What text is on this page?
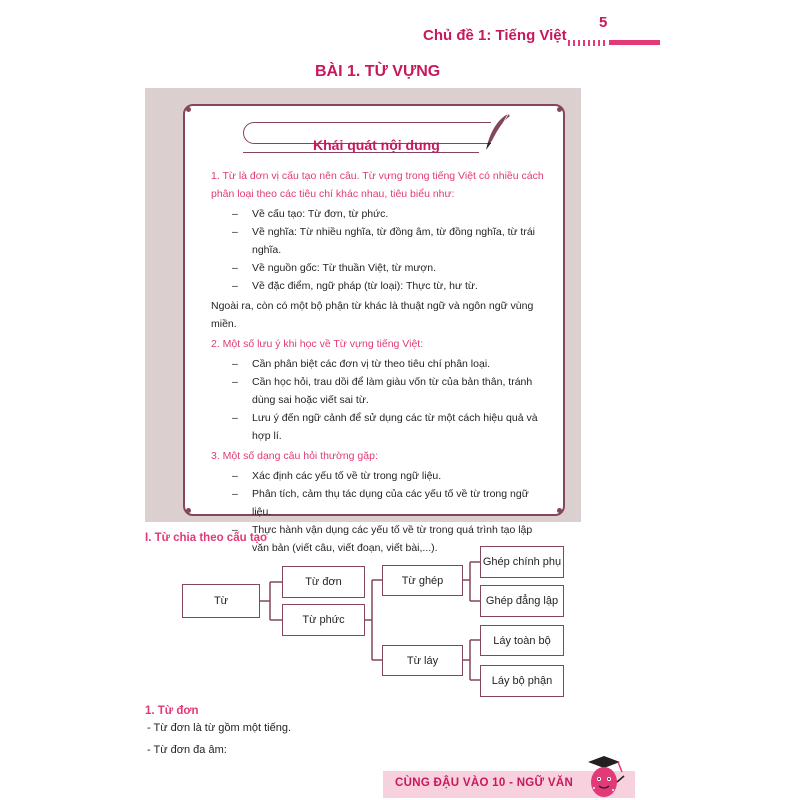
Chủ đề 1: Tiếng Việt
5
BÀI 1. TỪ VỰNG
Khái quát nội dung

1. Từ là đơn vị cấu tạo nên câu. Từ vựng trong tiếng Việt có nhiều cách phân loại theo các tiêu chí khác nhau, tiêu biểu như:

– Về cấu tạo: Từ đơn, từ phức.
– Về nghĩa: Từ nhiều nghĩa, từ đồng âm, từ đồng nghĩa, từ trái nghĩa.
– Về nguồn gốc: Từ thuần Việt, từ mượn.
– Về đặc điểm, ngữ pháp (từ loại): Thực từ, hư từ.

Ngoài ra, còn có một bộ phận từ khác là thuật ngữ và ngôn ngữ vùng miền.

2. Một số lưu ý khi học về Từ vựng tiếng Việt:

– Cần phân biệt các đơn vị từ theo tiêu chí phân loại.
– Cần học hỏi, trau dồi để làm giàu vốn từ của bản thân, tránh dùng sai hoặc viết sai từ.
– Lưu ý đến ngữ cảnh để sử dụng các từ một cách hiệu quả và hợp lí.

3. Một số dạng câu hỏi thường gặp:

– Xác định các yếu tố về từ trong ngữ liệu.
– Phân tích, cảm thụ tác dụng của các yếu tố về từ trong ngữ liệu.
– Thực hành vận dụng các yếu tố về từ trong quá trình tạo lập văn bản (viết câu, viết đoạn, viết bài,...).
I. Từ chia theo cấu tạo
Từ
Từ đơn
Từ phức
Từ ghép
Từ láy
Ghép chính phụ
Ghép đẳng lập
Láy toàn bộ
Láy bộ phận
1. Từ đơn
- Từ đơn là từ gồm một tiếng.
- Từ đơn đa âm:
CÙNG ĐẬU VÀO 10 - NGỮ VĂN
